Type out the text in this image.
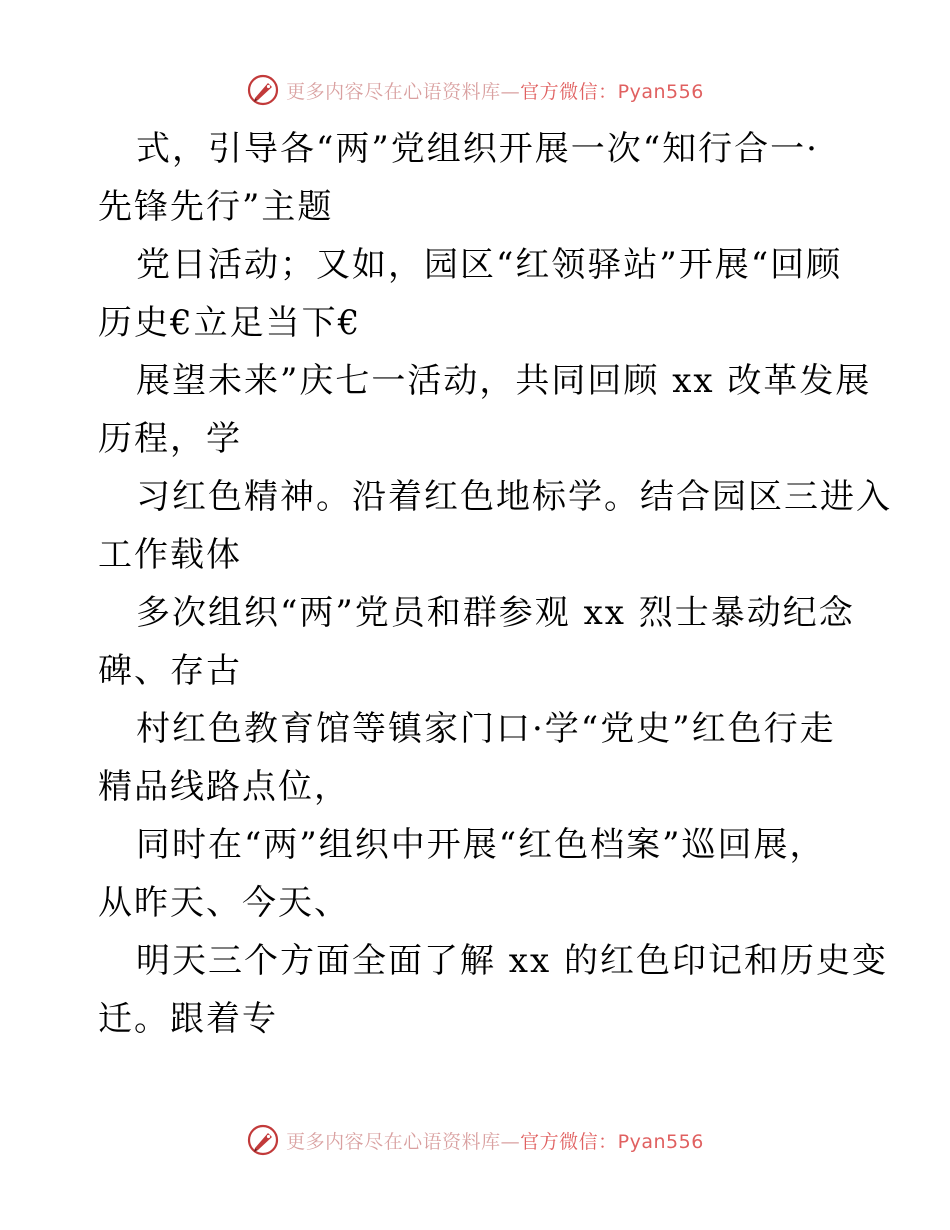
更多内容尽在心语资料库—官方微信：Pyan556
式，引导各“两”党组织开展一次“知行合一·
先锋先行”主题
党日活动；又如，园区“红领驿站”开展“回顾
历史€立足当下€
展望未来”庆七一活动，共同回顾 xx 改革发展
历程，学
习红色精神。沿着红色地标学。结合园区三进入
工作载体
多次组织“两”党员和群参观 xx 烈士暴动纪念
碑、存古
村红色教育馆等镇家门口·学“党史”红色行走
精品线路点位，
同时在“两”组织中开展“红色档案”巡回展，
从昨天、今天、
明天三个方面全面了解 xx 的红色印记和历史变
迁。跟着专
更多内容尽在心语资料库—官方微信：Pyan556
